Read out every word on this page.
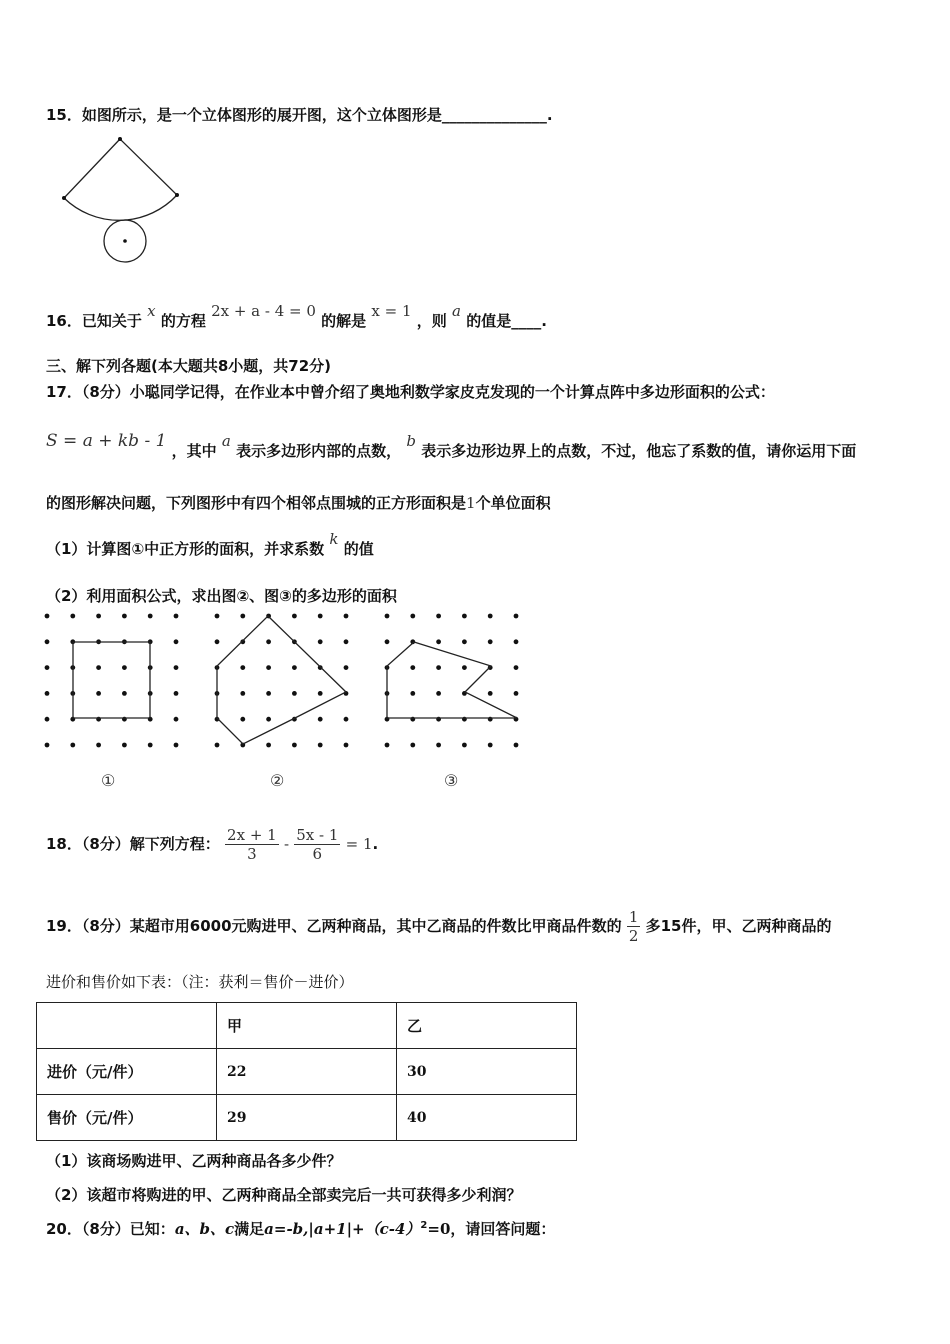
15．如图所示，是一个立体图形的展开图，这个立体图形是______________.
16．已知关于 x 的方程 2x + a - 4 = 0 的解是 x = 1 ，则 a 的值是____.
三、解下列各题(本大题共8小题，共72分)
17．（8分）小聪同学记得，在作业本中曾介绍了奥地利数学家皮克发现的一个计算点阵中多边形面积的公式：
S = a + kb - 1 ，其中 a 表示多边形内部的点数， b 表示多边形边界上的点数，不过，他忘了系数的值，请你运用下面
的图形解决问题，下列图形中有四个相邻点围城的正方形面积是1个单位面积
（1）计算图①中正方形的面积，并求系数 k 的值
（2）利用面积公式，求出图②、图③的多边形的面积
①	②	③
18．（8分）解下列方程： $\frac{2x + 1}{3} - \frac{5x - 1}{6} = 1$.
19．（8分）某超市用6000元购进甲、乙两种商品，其中乙商品的件数比甲商品件数的 $\frac{1}{2}$ 多15件，甲、乙两种商品的
进价和售价如下表：（注：获利＝售价－进价）
	甲	乙
进价（元/件）	22	30
售价（元/件）	29	40
（1）该商场购进甲、乙两种商品各多少件？
（2）该超市将购进的甲、乙两种商品全部卖完后一共可获得多少利润？
20．（8分）已知：a、b、c满足$a=-b,|a+1|+(c-4)^2=0$，请回答问题：
